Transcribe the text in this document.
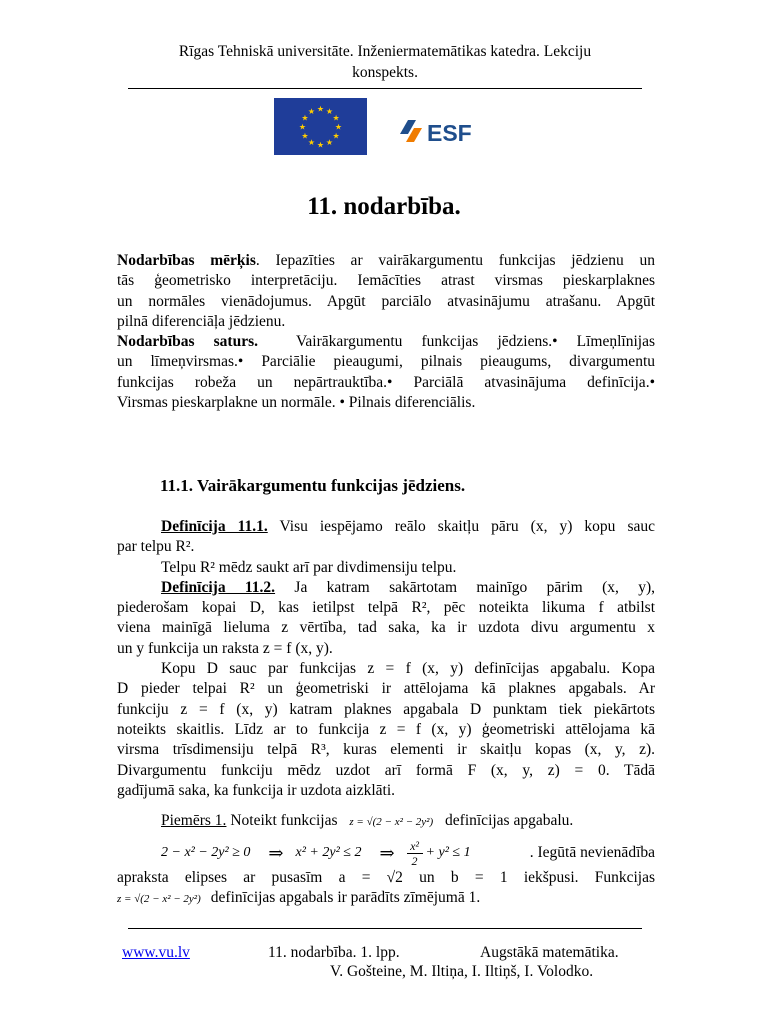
Rīgas Tehniskā universitāte. Inženiermatemātikas katedra. Lekciju
konspekts.
★ ★
★
★
★
★
★
★
★
★
★
★
ESF
11. nodarbība.
Nodarbības mērķis. Iepazīties ar vairākargumentu funkcijas jēdzienu un
tās ģeometrisko interpretāciju. Iemācīties atrast virsmas pieskarplaknes
un normāles vienādojumus. Apgūt parciālo atvasinājumu atrašanu. Apgūt
pilnā diferenciāļa jēdzienu.
Nodarbības saturs. Vairākargumentu funkcijas jēdziens.• Līmeņlīnijas
un līmeņvirsmas.• Parciālie pieaugumi, pilnais pieaugums, divargumentu
funkcijas robeža un nepārtrauktība.• Parciālā atvasinājuma definīcija.•
Virsmas pieskarplakne un normāle. • Pilnais diferenciālis.
11.1. Vairākargumentu funkcijas jēdziens.
Definīcija 11.1. Visu iespējamo reālo skaitļu pāru (x, y) kopu sauc
par telpu R².
Telpu R² mēdz saukt arī par divdimensiju telpu.
Definīcija 11.2. Ja katram sakārtotam mainīgo pārim (x, y),
piederošam kopai D, kas ietilpst telpā R², pēc noteikta likuma f atbilst
viena mainīgā lieluma z vērtība, tad saka, ka ir uzdota divu argumentu x
un y funkcija un raksta z = f (x, y).
Kopu D sauc par funkcijas z = f (x, y) definīcijas apgabalu. Kopa
D pieder telpai R² un ģeometriski ir attēlojama kā plaknes apgabals. Ar
funkciju z = f (x, y) katram plaknes apgabala D punktam tiek piekārtots
noteikts skaitlis. Līdz ar to funkcija z = f (x, y) ģeometriski attēlojama kā
virsma trīsdimensiju telpā R³, kuras elementi ir skaitļu kopas (x, y, z).
Divargumentu funkciju mēdz uzdot arī formā F (x, y, z) = 0. Tādā
gadījumā saka, ka funkcija ir uzdota aizklāti.
Piemērs 1. Noteikt funkcijas z = √(2 − x² − 2y²) definīcijas apgabalu.
2 − x² − 2y² ≥ 0 ⇒ x² + 2y² ≤ 2 ⇒ $\frac{\text{x²}}{2} + y^2 \le 1$	. Iegūtā nevienādība
apraksta elipses ar pusasīm a = √2 un b = 1 iekšpusi. Funkcijas
z = √(2 − x² − 2y²) definīcijas apgabals ir parādīts zīmējumā 1.
www.vu.lv	11. nodarbība. 1. lpp.	Augstākā matemātika.
V. Gošteine, M. Iltiņa, I. Iltiņš, I. Volodko.
